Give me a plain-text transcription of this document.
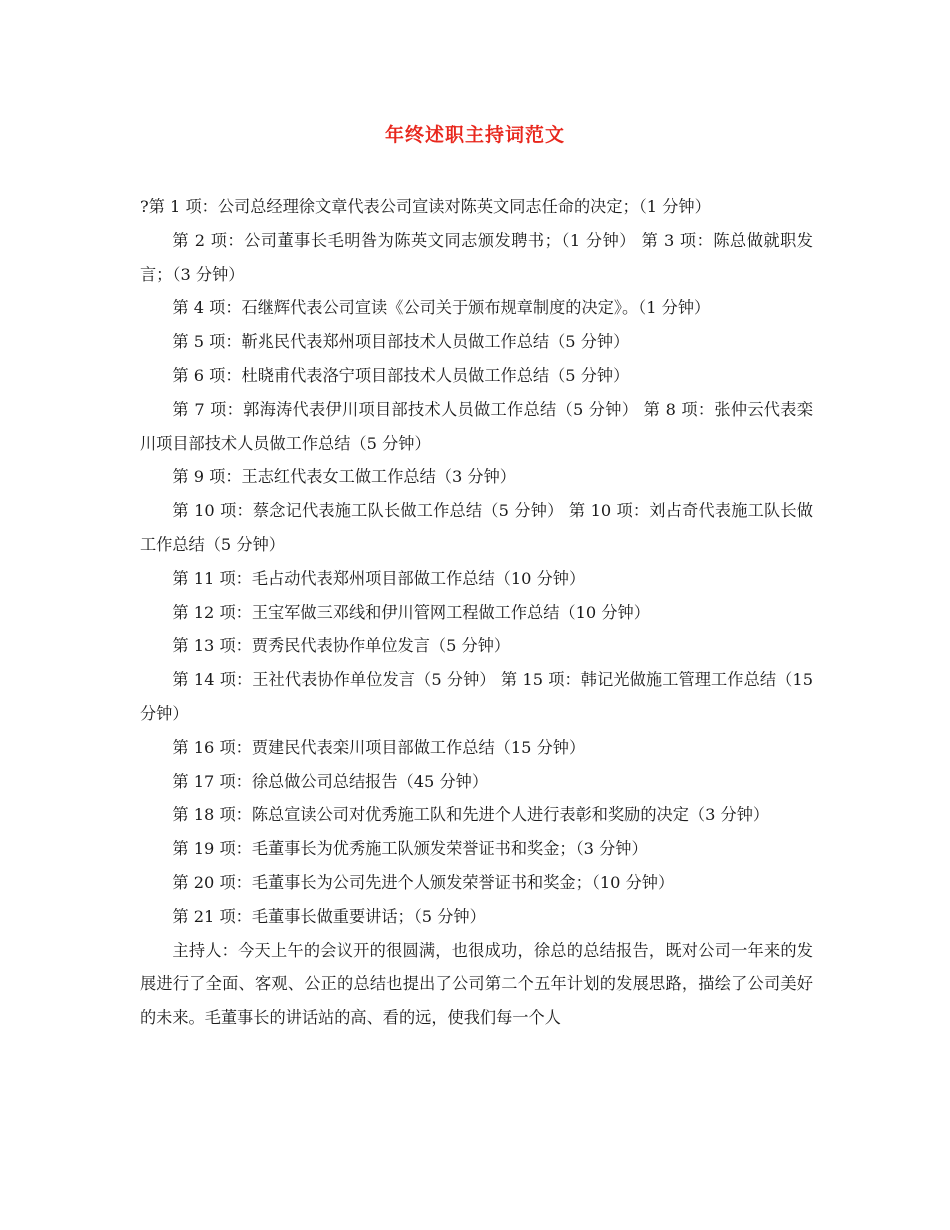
年终述职主持词范文

?第 1 项：公司总经理徐文章代表公司宣读对陈英文同志任命的决定；（1 分钟）

第 2 项：公司董事长毛明昝为陈英文同志颁发聘书；（1 分钟） 第 3 项：陈总做就职发言；（3 分钟）

第 4 项：石继辉代表公司宣读《公司关于颁布规章制度的决定》。（1 分钟）

第 5 项：靳兆民代表郑州项目部技术人员做工作总结（5 分钟）

第 6 项：杜晓甫代表洛宁项目部技术人员做工作总结（5 分钟）

第 7 项：郭海涛代表伊川项目部技术人员做工作总结（5 分钟） 第 8 项：张仲云代表栾川项目部技术人员做工作总结（5 分钟）

第 9 项：王志红代表女工做工作总结（3 分钟）

第 10 项：蔡念记代表施工队长做工作总结（5 分钟） 第 10 项：刘占奇代表施工队长做工作总结（5 分钟）

第 11 项：毛占动代表郑州项目部做工作总结（10 分钟）

第 12 项：王宝军做三邓线和伊川管网工程做工作总结（10 分钟）

第 13 项：贾秀民代表协作单位发言（5 分钟）

第 14 项：王社代表协作单位发言（5 分钟） 第 15 项：韩记光做施工管理工作总结（15 分钟）

第 16 项：贾建民代表栾川项目部做工作总结（15 分钟）

第 17 项：徐总做公司总结报告（45 分钟）

第 18 项：陈总宣读公司对优秀施工队和先进个人进行表彰和奖励的决定（3 分钟）

第 19 项：毛董事长为优秀施工队颁发荣誉证书和奖金；（3 分钟）

第 20 项：毛董事长为公司先进个人颁发荣誉证书和奖金；（10 分钟）

第 21 项：毛董事长做重要讲话；（5 分钟）

主持人：今天上午的会议开的很圆满，也很成功，徐总的总结报告，既对公司一年来的发展进行了全面、客观、公正的总结也提出了公司第二个五年计划的发展思路，描绘了公司美好的未来。毛董事长的讲话站的高、看的远，使我们每一个人
